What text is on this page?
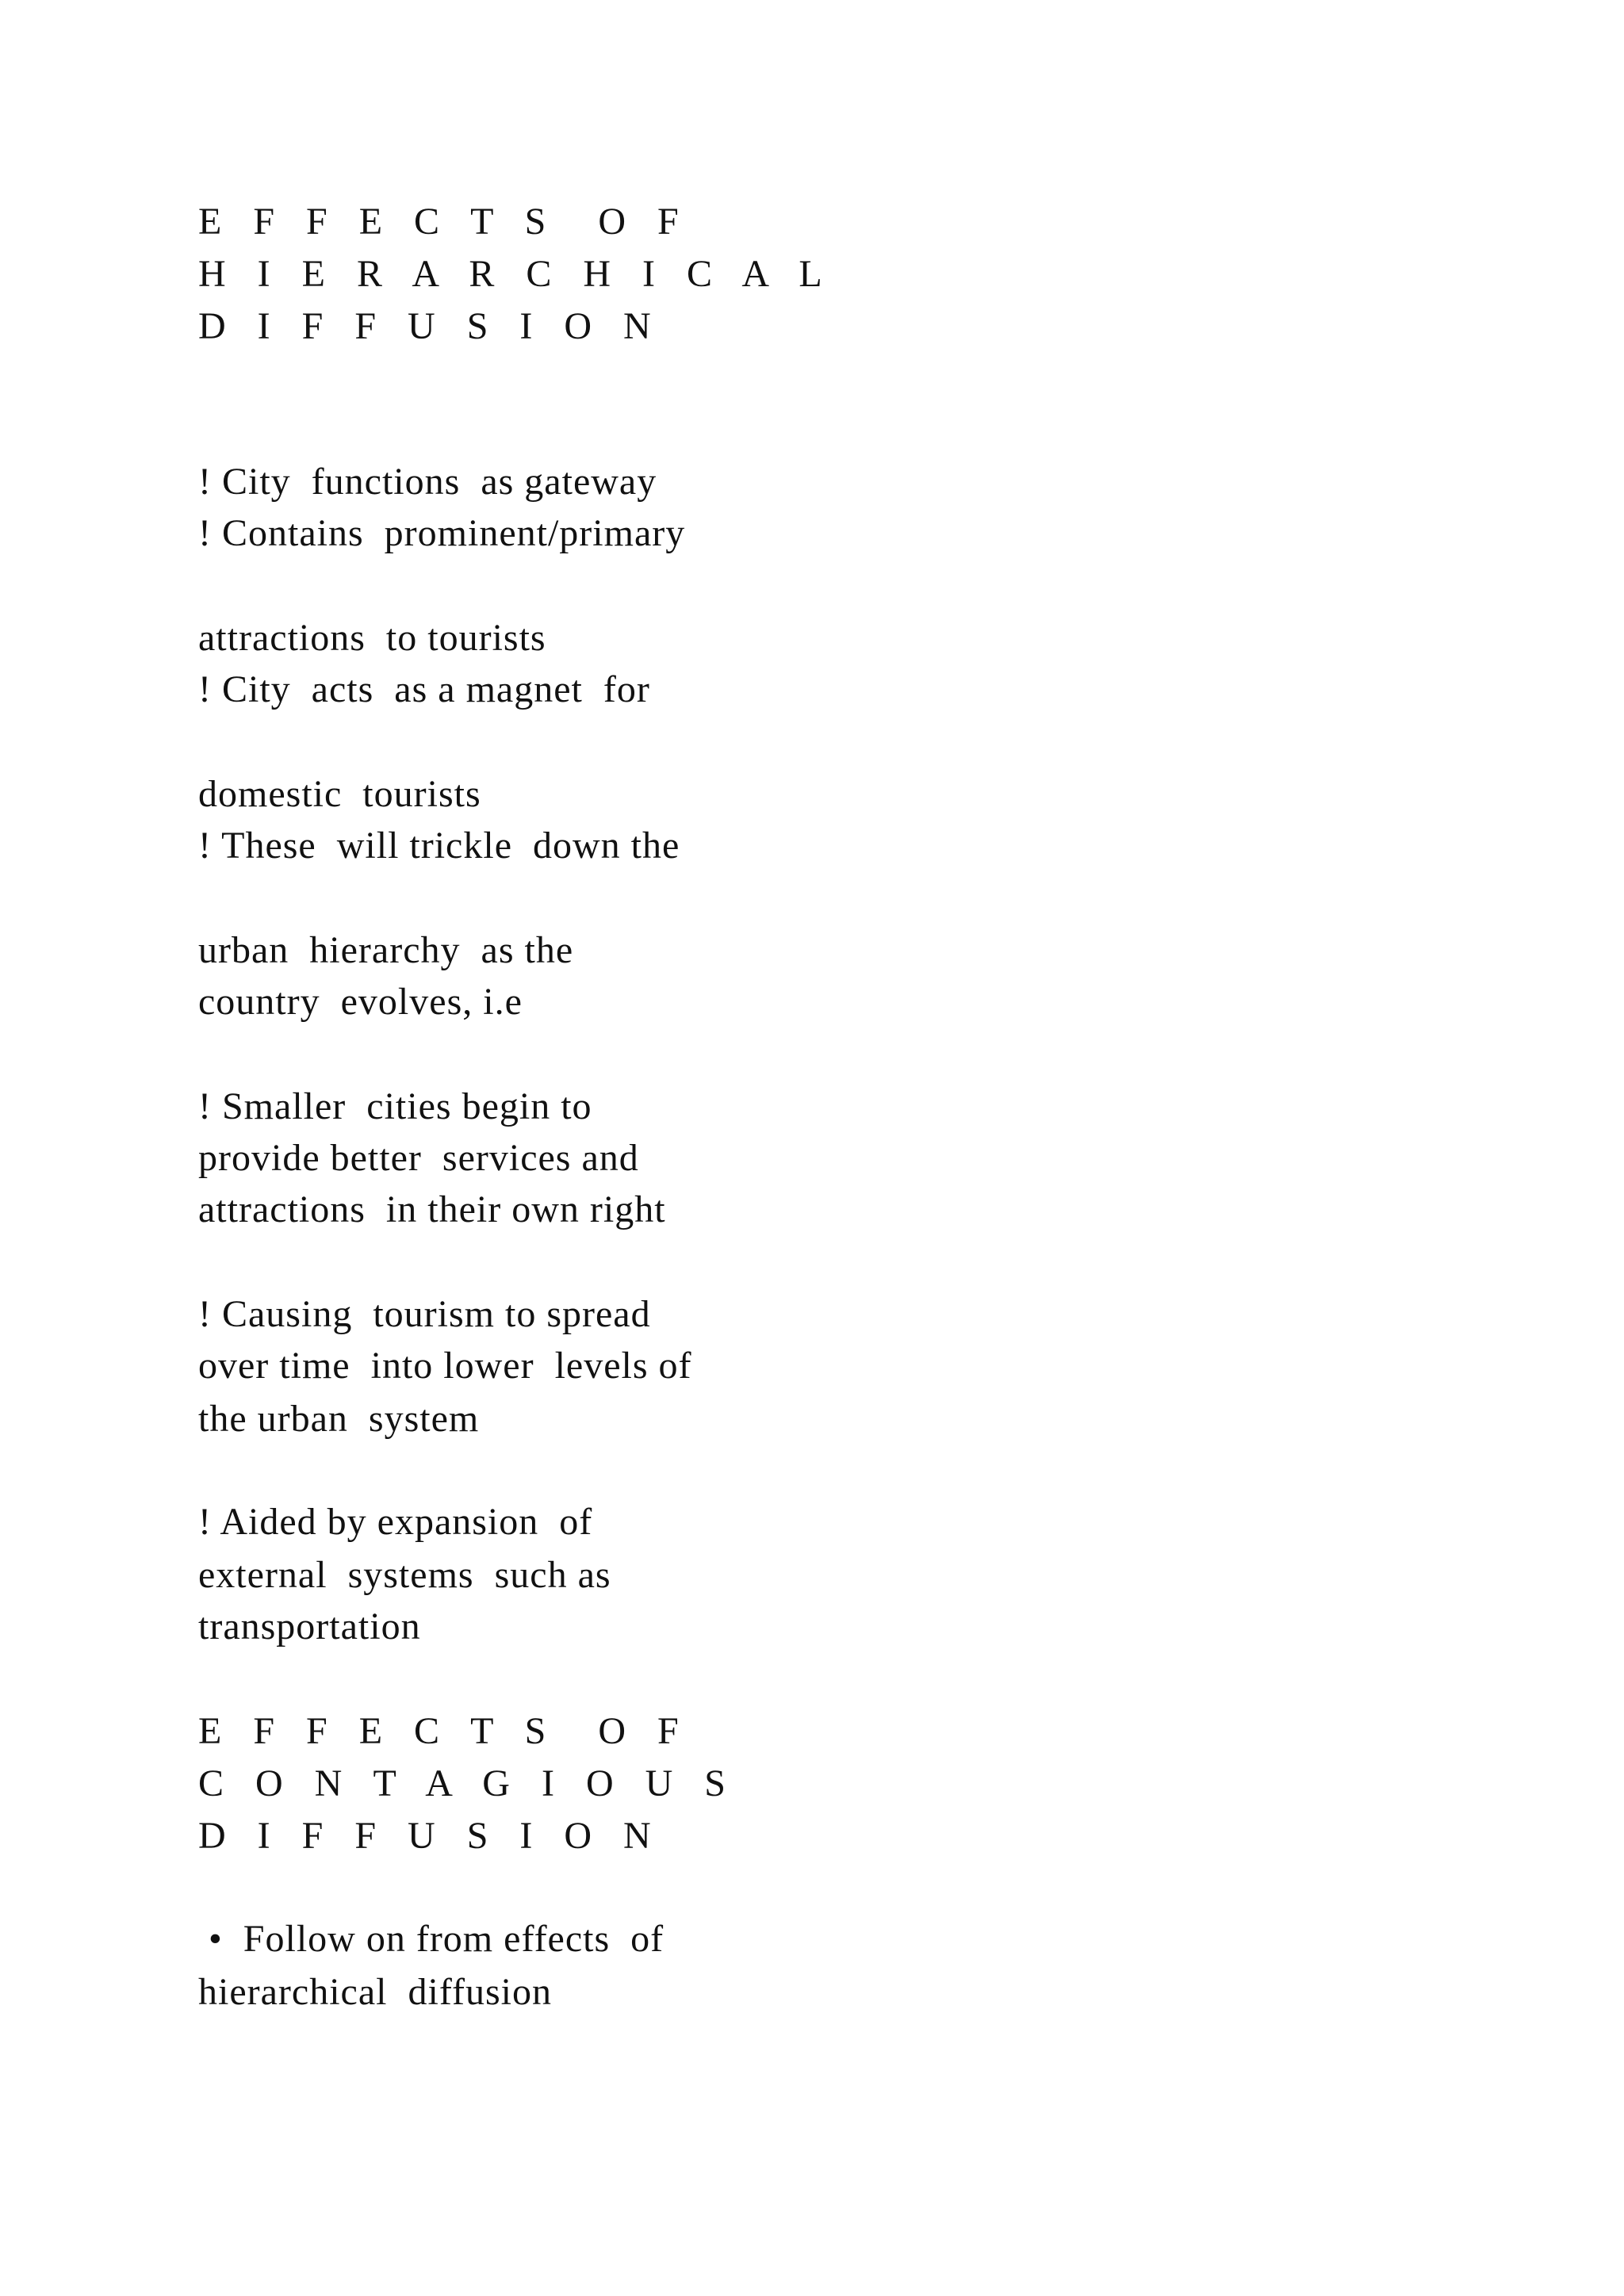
E F F E C T S  O F
H I E R A R C H I C A L
D I F F U S I O N
! City  functions  as gateway
! Contains  prominent/primary
attractions  to tourists
! City  acts  as a magnet  for
domestic  tourists
! These  will trickle  down the
urban  hierarchy  as the
country  evolves, i.e
! Smaller  cities begin to
provide better  services and
attractions  in their own right
! Causing  tourism to spread
over time  into lower  levels of
the urban  system
! Aided by expansion  of
external  systems  such as
transportation
E F F E C T S  O F
C O N T A G I O U S
D I F F U S I O N
•  Follow on from effects  of
hierarchical  diffusion
